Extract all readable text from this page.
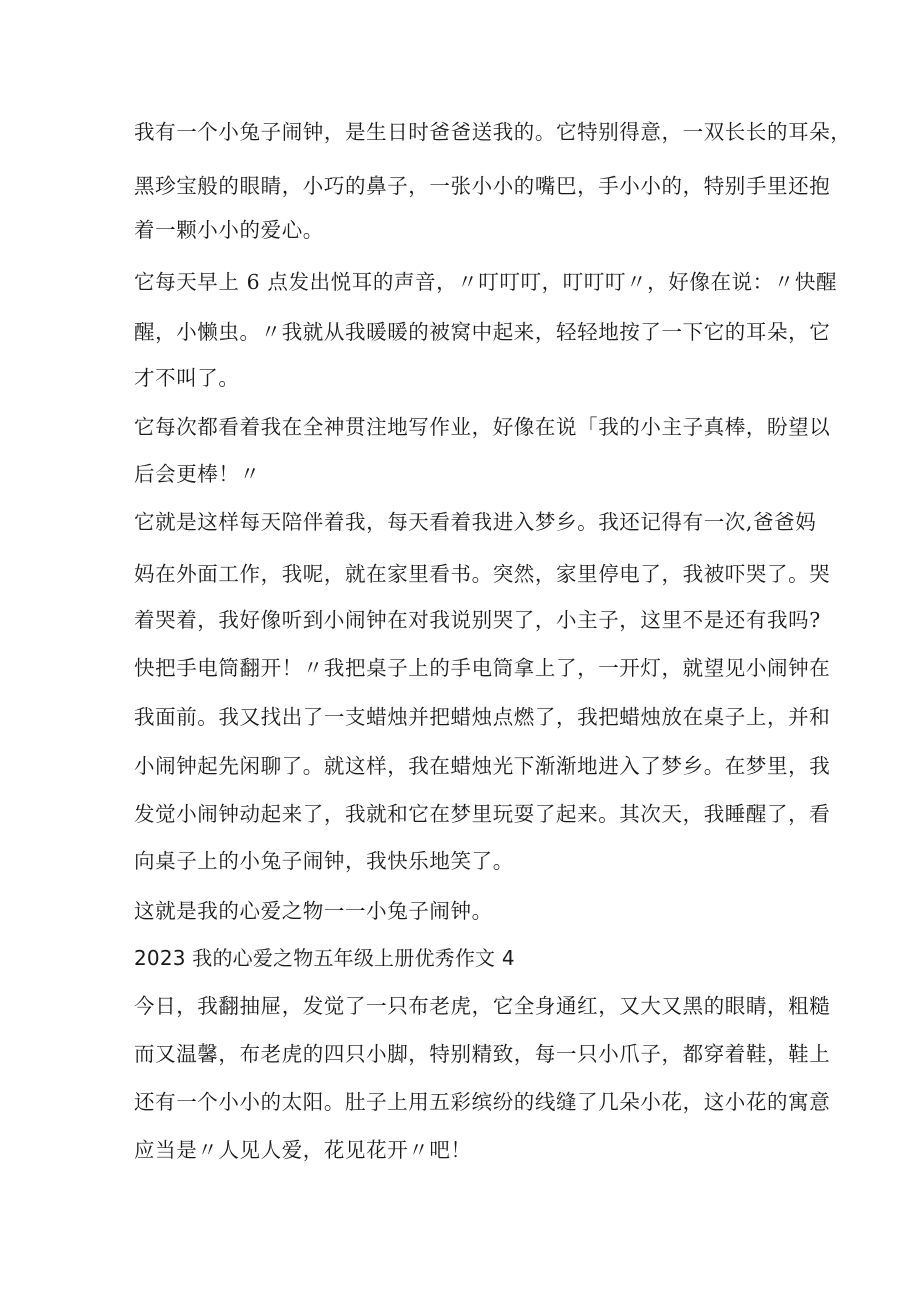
我有一个小兔子闹钟，是生日时爸爸送我的。它特别得意，一双长长的耳朵，
黑珍宝般的眼睛，小巧的鼻子，一张小小的嘴巴，手小小的，特别手里还抱
着一颗小小的爱心。
它每天早上 6 点发出悦耳的声音，〃叮叮叮，叮叮叮〃，好像在说：〃快醒
醒，小懒虫。〃我就从我暖暖的被窝中起来，轻轻地按了一下它的耳朵，它
才不叫了。
它每次都看着我在全神贯注地写作业，好像在说「我的小主子真棒，盼望以
后会更棒！〃
它就是这样每天陪伴着我，每天看着我进入梦乡。我还记得有一次,爸爸妈
妈在外面工作，我呢，就在家里看书。突然，家里停电了，我被吓哭了。哭
着哭着，我好像听到小闹钟在对我说别哭了，小主子，这里不是还有我吗?
快把手电筒翻开！〃我把桌子上的手电筒拿上了，一开灯，就望见小闹钟在
我面前。我又找出了一支蜡烛并把蜡烛点燃了，我把蜡烛放在桌子上，并和
小闹钟起先闲聊了。就这样，我在蜡烛光下渐渐地进入了梦乡。在梦里，我
发觉小闹钟动起来了，我就和它在梦里玩耍了起来。其次天，我睡醒了，看
向桌子上的小兔子闹钟，我快乐地笑了。
这就是我的心爱之物一一小兔子闹钟。
2023 我的心爱之物五年级上册优秀作文 4
今日，我翻抽屉，发觉了一只布老虎，它全身通红，又大又黑的眼睛，粗糙
而又温馨，布老虎的四只小脚，特别精致，每一只小爪子，都穿着鞋，鞋上
还有一个小小的太阳。肚子上用五彩缤纷的线缝了几朵小花，这小花的寓意
应当是〃人见人爱，花见花开〃吧！
